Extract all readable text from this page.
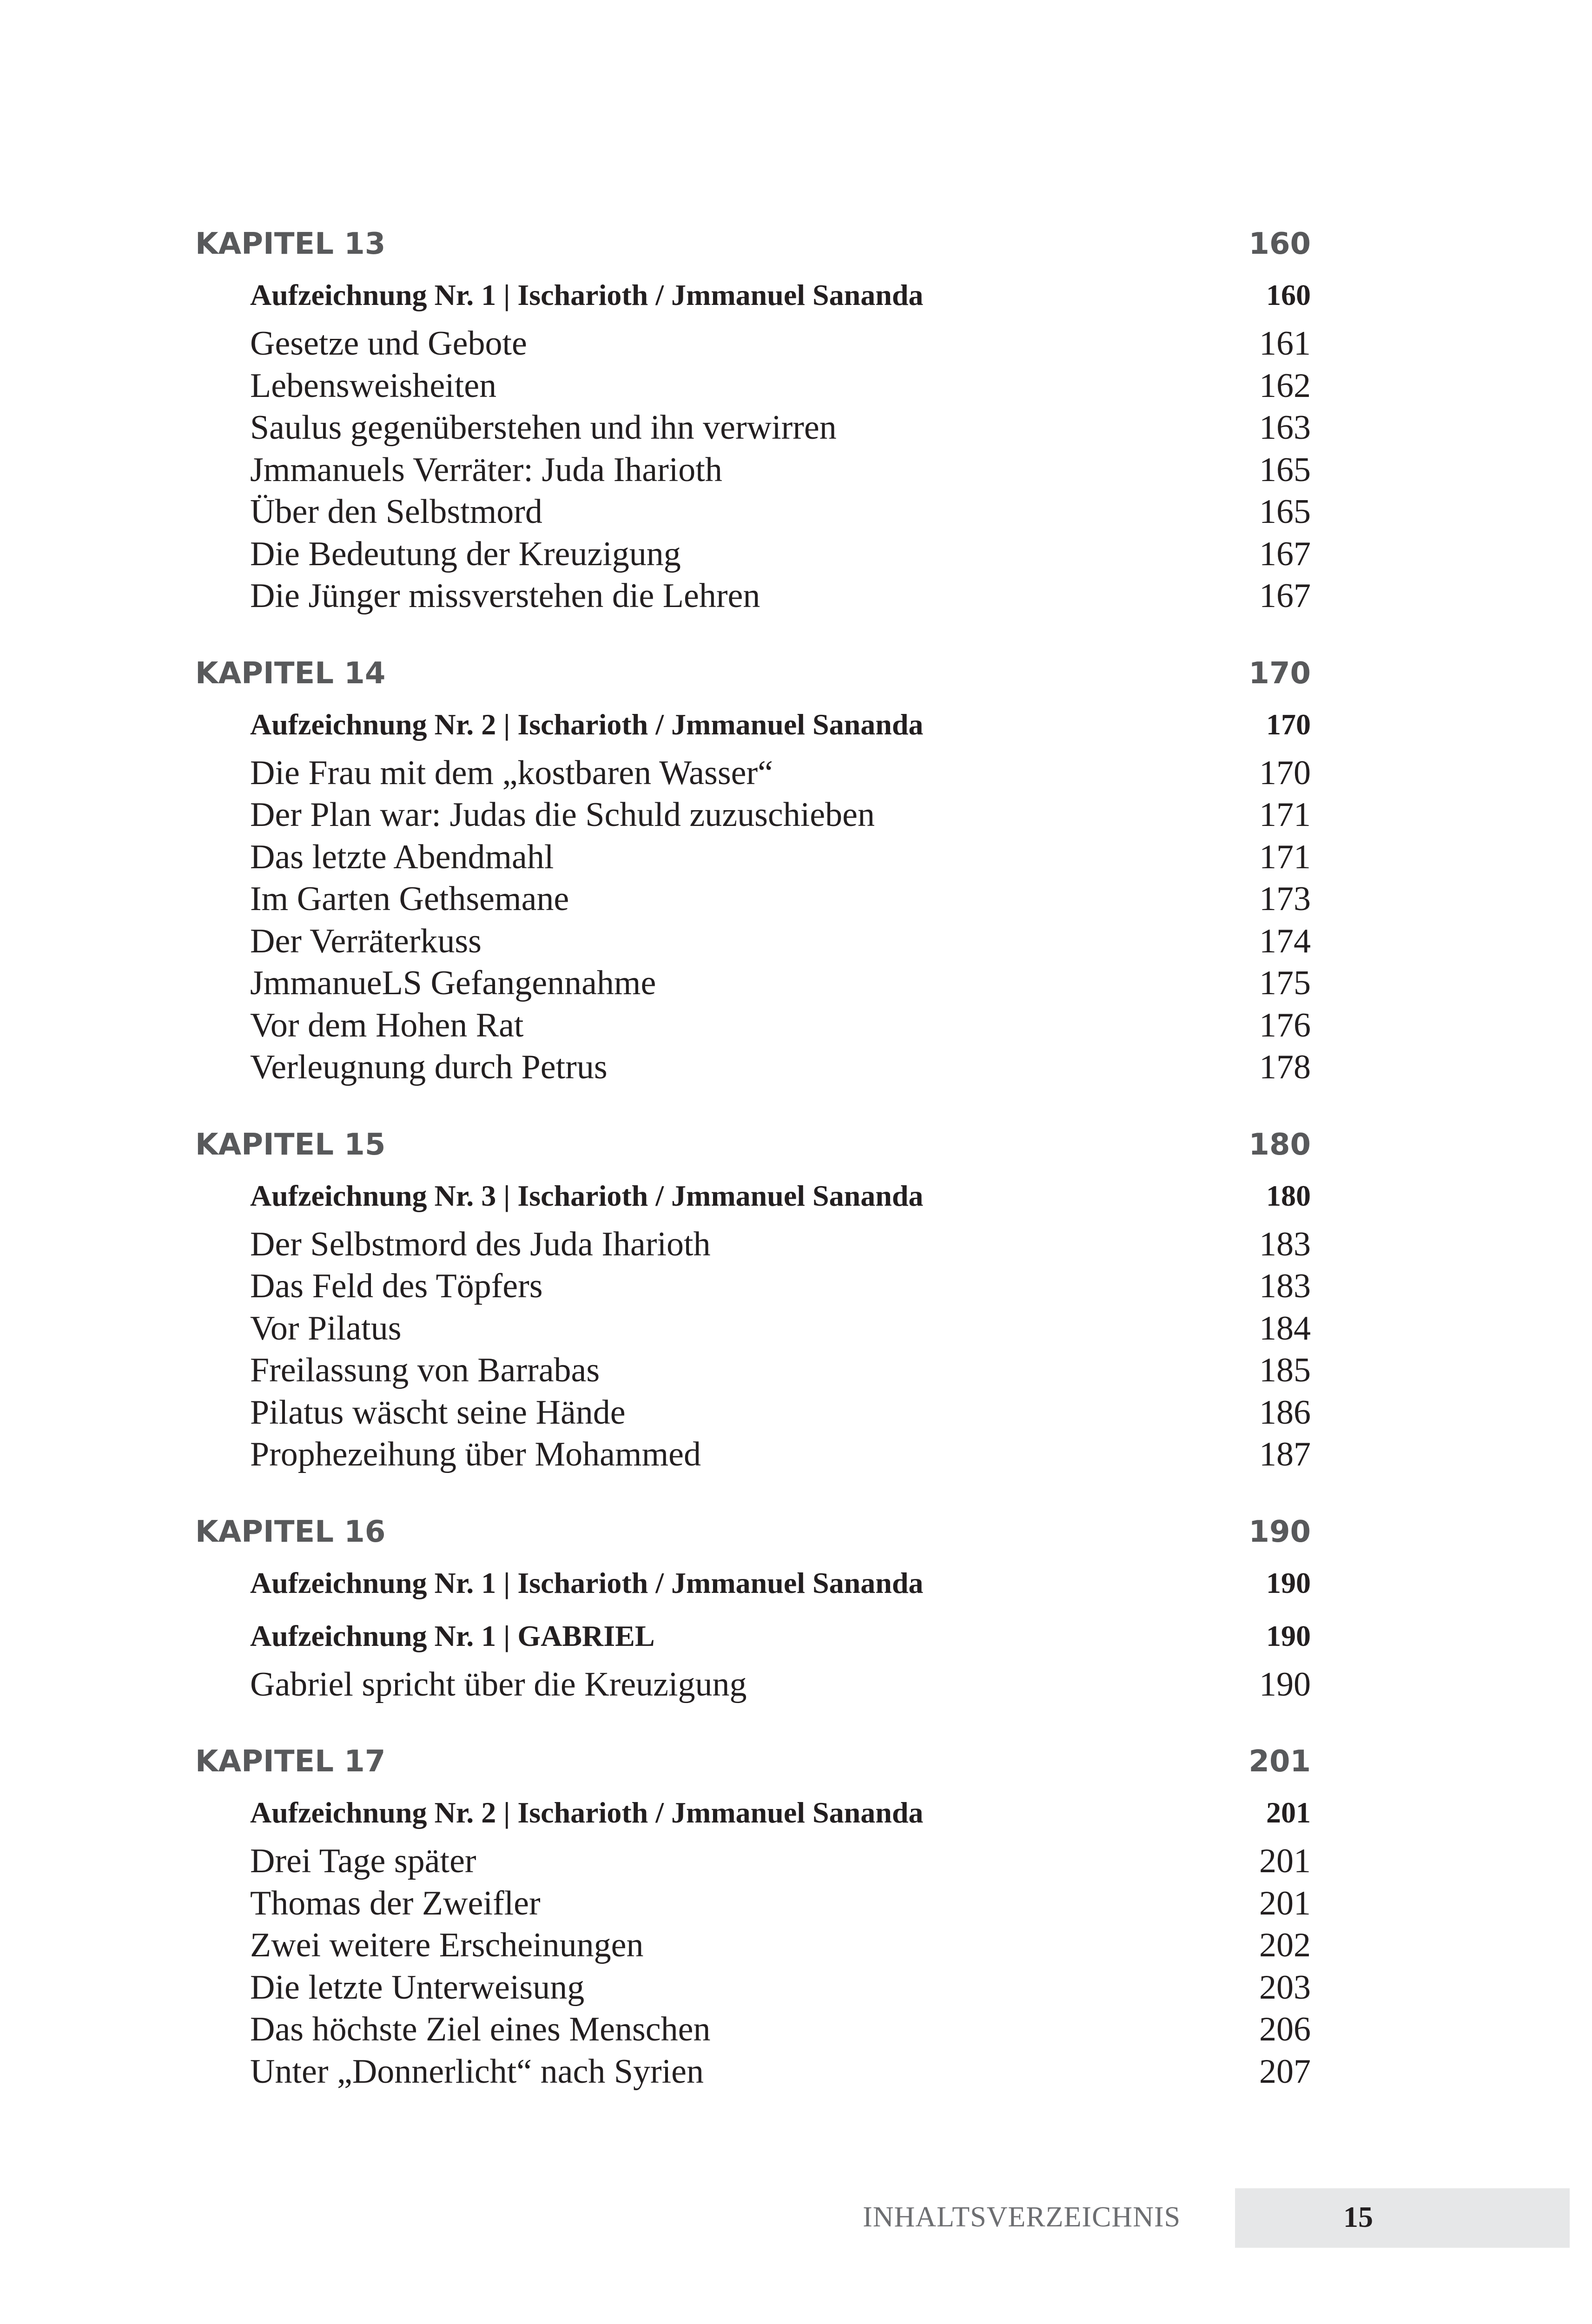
KAPITEL 13	160
Aufzeichnung Nr. 1 | Ischarioth / Jmmanuel Sananda	160
Gesetze und Gebote	161
Lebensweisheiten	162
Saulus gegenüberstehen und ihn verwirren	163
Jmmanuels Verräter: Juda Iharioth	165
Über den Selbstmord	165
Die Bedeutung der Kreuzigung	167
Die Jünger missverstehen die Lehren	167
KAPITEL 14	170
Aufzeichnung Nr. 2 | Ischarioth / Jmmanuel Sananda	170
Die Frau mit dem „kostbaren Wasser“	170
Der Plan war: Judas die Schuld zuzuschieben	171
Das letzte Abendmahl	171
Im Garten Gethsemane	173
Der Verräterkuss	174
JmmanueLS Gefangennahme	175
Vor dem Hohen Rat	176
Verleugnung durch Petrus	178
KAPITEL 15	180
Aufzeichnung Nr. 3 | Ischarioth / Jmmanuel Sananda	180
Der Selbstmord des Juda Iharioth	183
Das Feld des Töpfers	183
Vor Pilatus	184
Freilassung von Barrabas	185
Pilatus wäscht seine Hände	186
Prophezeihung über Mohammed	187
KAPITEL 16	190
Aufzeichnung Nr. 1 | Ischarioth / Jmmanuel Sananda	190
Aufzeichnung Nr. 1 | GABRIEL	190
Gabriel spricht über die Kreuzigung	190
KAPITEL 17	201
Aufzeichnung Nr. 2 | Ischarioth / Jmmanuel Sananda	201
Drei Tage später	201
Thomas der Zweifler	201
Zwei weitere Erscheinungen	202
Die letzte Unterweisung	203
Das höchste Ziel eines Menschen	206
Unter „Donnerlicht“ nach Syrien	207
INHALTSVERZEICHNIS	15
